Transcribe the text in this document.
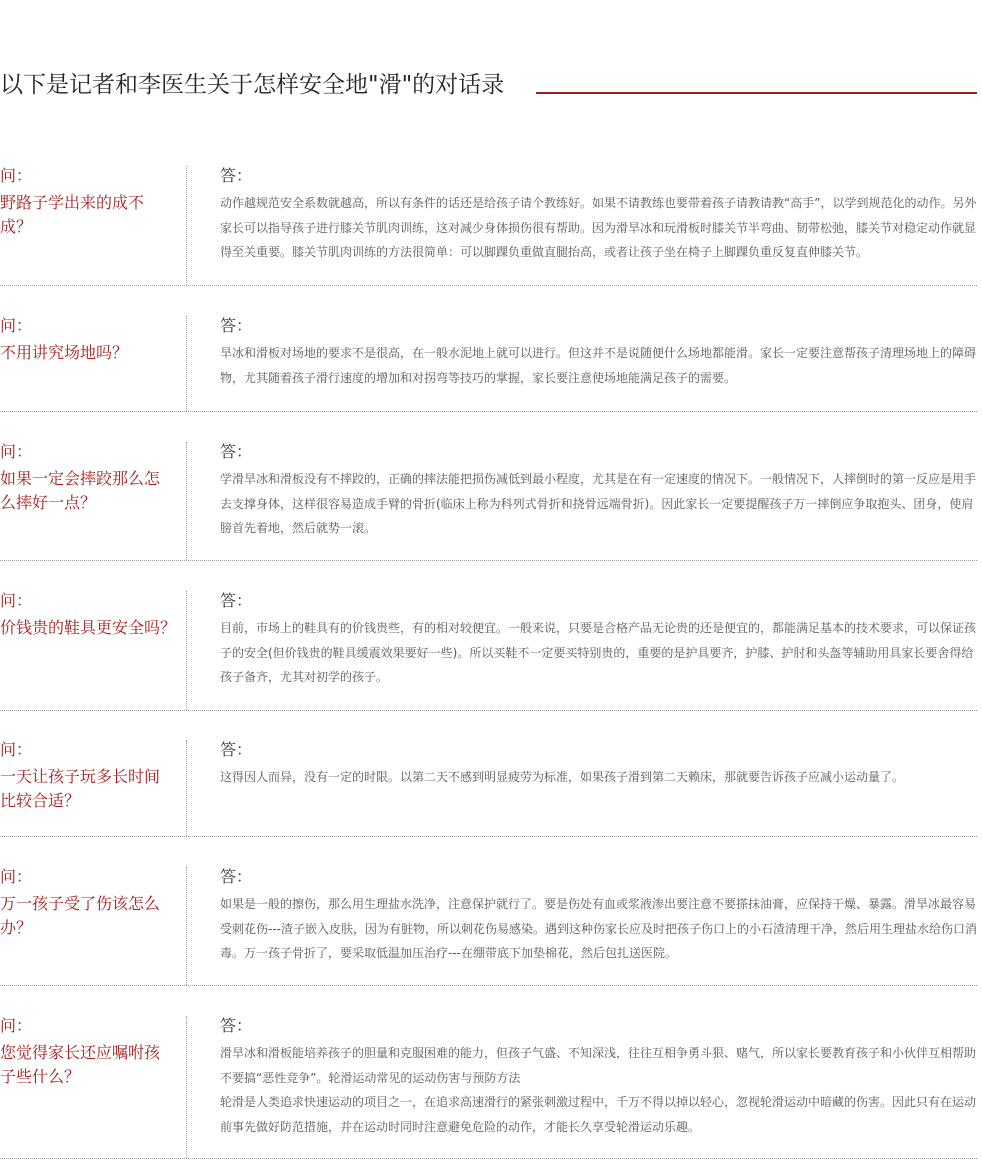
以下是记者和李医生关于怎样安全地"滑"的对话录
问：
野路子学出来的成不成？
答：

动作越规范安全系数就越高，所以有条件的话还是给孩子请个教练好。如果不请教练也要带着孩子请教请教“高手”，以学到规范化的动作。另外家长可以指导孩子进行膝关节肌肉训练，这对减少身体损伤很有帮助。因为滑旱冰和玩滑板时膝关节半弯曲、韧带松弛，膝关节对稳定动作就显得至关重要。膝关节肌肉训练的方法很简单：可以脚踝负重做直腿抬高，或者让孩子坐在椅子上脚踝负重反复直伸膝关节。

问：
不用讲究场地吗？
答：

旱冰和滑板对场地的要求不是很高，在一般水泥地上就可以进行。但这并不是说随便什么场地都能滑。家长一定要注意帮孩子清理场地上的障碍物，尤其随着孩子滑行速度的增加和对拐弯等技巧的掌握，家长要注意使场地能满足孩子的需要。

问：
如果一定会摔跤那么怎么摔好一点？
答：

学滑旱冰和滑板没有不摔跤的，正确的摔法能把损伤减低到最小程度，尤其是在有一定速度的情况下。一般情况下，人摔倒时的第一反应是用手去支撑身体，这样很容易造成手臂的骨折(临床上称为科列式骨折和挠骨远端骨折)。因此家长一定要提醒孩子万一摔倒应争取抱头、团身，使肩膀首先着地，然后就势一滚。

问：
价钱贵的鞋具更安全吗？
答：

目前，市场上的鞋具有的价钱贵些，有的相对较便宜。一般来说，只要是合格产品无论贵的还是便宜的，都能满足基本的技术要求，可以保证孩子的安全(但价钱贵的鞋具缓震效果要好一些)。所以买鞋不一定要买特别贵的，重要的是护具要齐，护膝、护肘和头盔等辅助用具家长要舍得给孩子备齐，尤其对初学的孩子。

问：
一天让孩子玩多长时间比较合适？
答：

这得因人而异，没有一定的时限。以第二天不感到明显疲劳为标准，如果孩子滑到第二天赖床，那就要告诉孩子应减小运动量了。

问：
万一孩子受了伤该怎么办？
答：

如果是一般的擦伤，那么用生理盐水洗净，注意保护就行了。要是伤处有血或浆液渗出要注意不要搽抹油膏，应保持干燥、暴露。滑旱冰最容易受刺花伤---渣子嵌入皮肤，因为有脏物，所以刺花伤易感染。遇到这种伤家长应及时把孩子伤口上的小石渣清理干净，然后用生理盐水给伤口消毒。万一孩子骨折了，要采取低温加压治疗---在绷带底下加垫棉花，然后包扎送医院。

问：
您觉得家长还应嘱咐孩子些什么？
答：

滑旱冰和滑板能培养孩子的胆量和克服困难的能力，但孩子气盛、不知深浅，往往互相争勇斗狠、赌气，所以家长要教育孩子和小伙伴互相帮助不要搞“恶性竞争”。轮滑运动常见的运动伤害与预防方法

轮滑是人类追求快速运动的项目之一，在追求高速滑行的紧张刺激过程中，千万不得以掉以轻心，忽视轮滑运动中暗藏的伤害。因此只有在运动前事先做好防范措施，并在运动时同时注意避免危险的动作，才能长久享受轮滑运动乐趣。
